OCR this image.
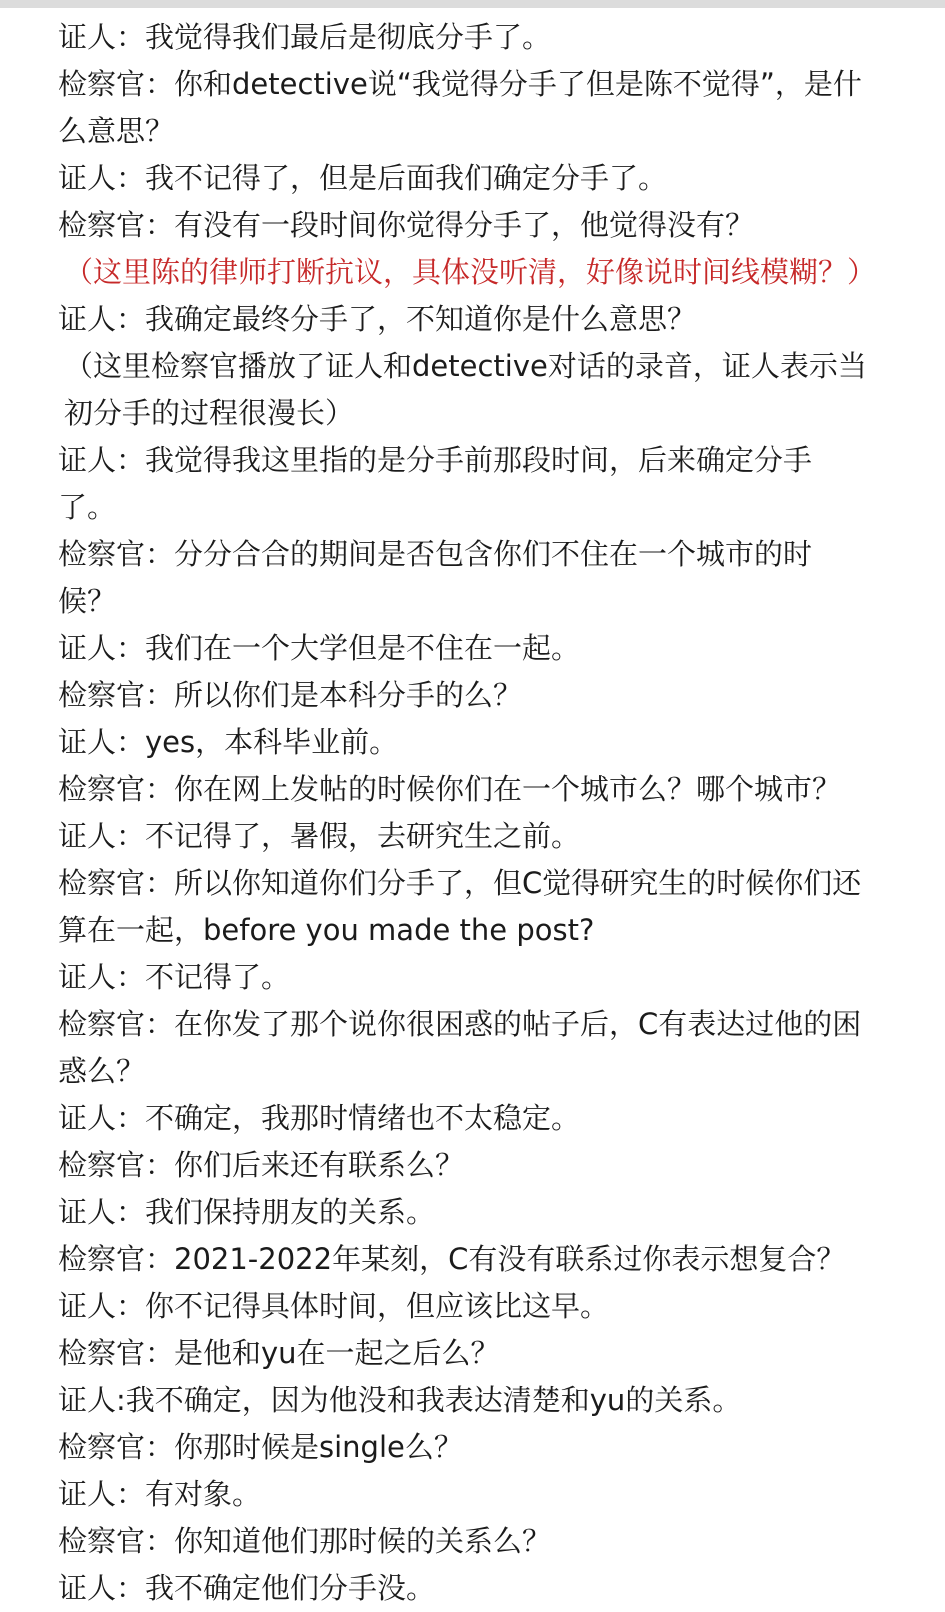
证人：我觉得我们最后是彻底分手了。
检察官：你和detective说“我觉得分手了但是陈不觉得”，是什么意思？
证人：我不记得了，但是后面我们确定分手了。
检察官：有没有一段时间你觉得分手了，他觉得没有？
（这里陈的律师打断抗议，具体没听清，好像说时间线模糊？）
证人：我确定最终分手了，不知道你是什么意思？
（这里检察官播放了证人和detective对话的录音，证人表示当初分手的过程很漫长）
证人：我觉得我这里指的是分手前那段时间，后来确定分手了。
检察官：分分合合的期间是否包含你们不住在一个城市的时候？
证人：我们在一个大学但是不住在一起。
检察官：所以你们是本科分手的么？
证人：yes，本科毕业前。
检察官：你在网上发帖的时候你们在一个城市么？哪个城市？
证人：不记得了，暑假，去研究生之前。
检察官：所以你知道你们分手了，但C觉得研究生的时候你们还算在一起，before you made the post?
证人：不记得了。
检察官：在你发了那个说你很困惑的帖子后，C有表达过他的困惑么？
证人：不确定，我那时情绪也不太稳定。
检察官：你们后来还有联系么？
证人：我们保持朋友的关系。
检察官：2021-2022年某刻，C有没有联系过你表示想复合？
证人：你不记得具体时间，但应该比这早。
检察官：是他和yu在一起之后么？
证人:我不确定，因为他没和我表达清楚和yu的关系。
检察官：你那时候是single么？
证人：有对象。
检察官：你知道他们那时候的关系么？
证人：我不确定他们分手没。
